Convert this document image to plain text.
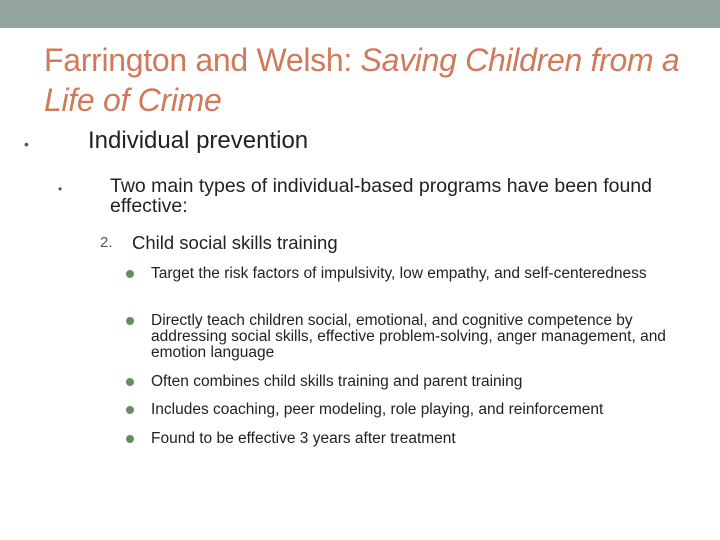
Farrington and Welsh: Saving Children from a Life of Crime
• Individual prevention
• Two main types of individual-based programs have been found effective:
2. Child social skills training
Target the risk factors of impulsivity, low empathy, and self-centeredness
Directly teach children social, emotional, and cognitive competence by addressing social skills, effective problem-solving, anger management, and emotion language
Often combines child skills training and parent training
Includes coaching, peer modeling, role playing, and reinforcement
Found to be effective 3 years after treatment
